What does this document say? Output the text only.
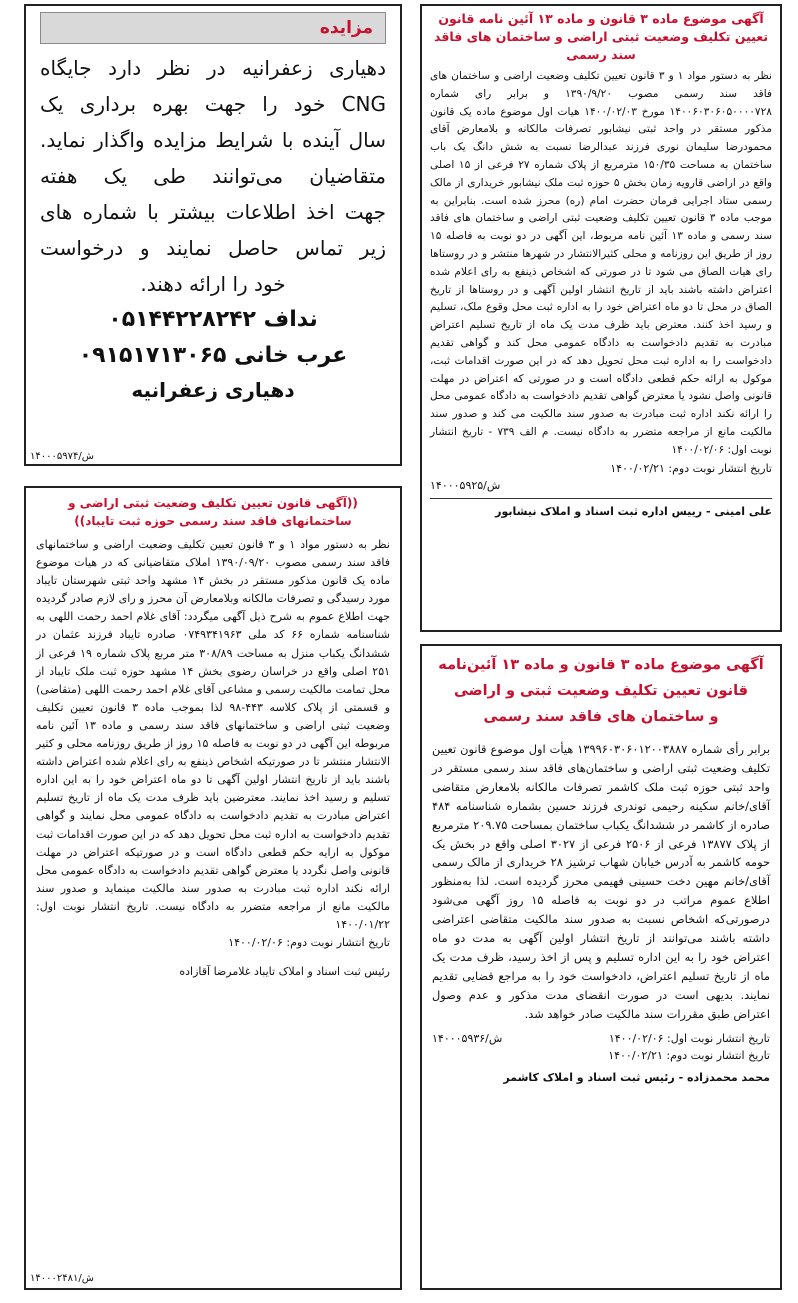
مزایده
دهیاری زعفرانیه در نظر دارد جایگاه
CNG خود را جهت بهره برداری یک
سال آینده با شرایط مزایده واگذار نماید.
متقاضیان می‌توانند طی یک هفته
جهت اخذ اطلاعات بیشتر با شماره های
زیر تماس حاصل نمایند و درخواست
خود را ارائه دهند.
نداف ۰۵۱۴۴۲۲۸۲۴۲
عرب خانی ۰۹۱۵۱۷۱۳۰۶۵
دهیاری زعفرانیه
۱۴۰۰۰۵۹۷۴/ش
آگهی موضوع ماده ۳ قانون و ماده ۱۳ آئین نامه قانون تعیین تکلیف وضعیت ثبتی اراضی و ساختمان های فاقد سند رسمی
نظر به دستور مواد ۱ و ۳ قانون تعیین تکلیف وضعیت اراضی و ساختمان های فاقد سند رسمی مصوب ۱۳۹۰/۹/۲۰ و برابر رای شماره ۱۴۰۰۶۰۳۰۶۰۵۰۰۰۰۷۲۸ مورخ ۱۴۰۰/۰۲/۰۳ هیات اول موضوع ماده یک قانون مذکور مستقر در واحد ثبتی نیشابور تصرفات مالکانه و بلامعارض آقای محمودرضا سلیمان نوری فرزند عبدالرضا نسبت به شش دانگ یک باب ساختمان به مساحت ۱۵۰/۳۵ مترمربع از پلاک شماره ۲۷ فرعی از ۱۵ اصلی واقع در اراضی قارویه زمان بخش ۵ حوزه ثبت ملک نیشابور خریداری از مالک رسمی ستاد اجرایی فرمان حضرت امام (ره) محرز شده است. بنابراین به موجب ماده ۳ قانون تعیین تکلیف وضعیت ثبتی اراضی و ساختمان های فاقد سند رسمی و ماده ۱۳ آئین نامه مربوط، این آگهی در دو نوبت به فاصله ۱۵ روز از طریق این روزنامه و محلی کثیرالانتشار در شهرها منتشر و در روستاها رای هیات الصاق می شود تا در صورتی که اشخاص ذینفع به رای اعلام شده اعتراض داشته باشند باید از تاریخ انتشار اولین آگهی و در روستاها از تاریخ الصاق در محل تا دو ماه اعتراض خود را به اداره ثبت محل وقوع ملک، تسلیم و رسید اخذ کنند. معترض باید ظرف مدت یک ماه از تاریخ تسلیم اعتراض مبادرت به تقدیم دادخواست به دادگاه عمومی محل کند و گواهی تقدیم دادخواست را به اداره ثبت محل تحویل دهد که در این صورت اقدامات ثبت، موکول به ارائه حکم قطعی دادگاه است و در صورتی که اعتراض در مهلت قانونی واصل نشود یا معترض گواهی تقدیم دادخواست به دادگاه عمومی محل را ارائه نکند اداره ثبت مبادرت به صدور سند مالکیت می کند و صدور سند مالکیت مانع از مراجعه متضرر به دادگاه نیست. م الف ۷۳۹ - تاریخ انتشار نوبت اول: ۱۴۰۰/۰۲/۰۶
تاریخ انتشار نوبت دوم: ۱۴۰۰/۰۲/۲۱
۱۴۰۰۰۵۹۲۵/ش
علی امینی - رییس اداره ثبت اسناد و املاک نیشابور
((آگهی قانون تعیین تکلیف وضعیت ثبتی اراضی و ساختمانهای فاقد سند رسمی حوزه ثبت تایباد))
نظر به دستور مواد ۱ و ۳ قانون تعیین تکلیف وضعیت اراضی و ساختمانهای فاقد سند رسمی مصوب ۱۳۹۰/۰۹/۲۰ املاک متقاضیانی که در هیات موضوع ماده یک قانون مذکور مستقر در بخش ۱۴ مشهد واحد ثبتی شهرستان تایباد مورد رسیدگی و تصرفات مالکانه وبلامعارض آن محرز و رای لازم صادر گردیده جهت اطلاع عموم به شرح ذیل آگهی میگردد: آقای غلام احمد رحمت اللهی به شناسنامه شماره ۶۶ کد ملی ۰۷۴۹۳۴۱۹۶۳ صادره تایباد فرزند عثمان در ششدانگ یکباب منزل به مساحت ۳۰۸/۸۹ متر مربع پلاک شماره ۱۹ فرعی از ۲۵۱ اصلی واقع در خراسان رضوی بخش ۱۴ مشهد حوزه ثبت ملک تایباد از محل تمامت مالکیت رسمی و مشاعی آقای غلام احمد رحمت اللهی (متقاضی) و قسمتی از پلاک کلاسه ۴۴۳-۹۸ لذا بموجب ماده ۳ قانون تعیین تکلیف وضعیت ثبتی اراضی و ساختمانهای فاقد سند رسمی و ماده ۱۳ آئین نامه مربوطه این آگهی در دو نوبت به فاصله ۱۵ روز از طریق روزنامه محلی و کثیر الانتشار منتشر تا در صورتیکه اشخاص ذینفع به رای اعلام شده اعتراض داشته باشند باید از تاریخ انتشار اولین آگهی تا دو ماه اعتراض خود را به این اداره تسلیم و رسید اخذ نمایند. معترضین باید ظرف مدت یک ماه از تاریخ تسلیم اعتراض مبادرت به تقدیم دادخواست به دادگاه عمومی محل نمایند و گواهی تقدیم دادخواست به اداره ثبت محل تحویل دهد که در این صورت اقدامات ثبت موکول به ارایه حکم قطعی دادگاه است و در صورتیکه اعتراض در مهلت قانونی واصل نگردد یا معترض گواهی تقدیم دادخواست به دادگاه عمومی محل ارائه نکند اداره ثبت مبادرت به صدور سند مالکیت مینماید و صدور سند مالکیت مانع از مراجعه متضرر به دادگاه نیست. تاریخ انتشار نوبت اول: ۱۴۰۰/۰۱/۲۲
تاریخ انتشار نوبت دوم: ۱۴۰۰/۰۲/۰۶
رئیس ثبت اسناد و املاک تایباد غلامرضا آقازاده
۱۴۰۰۰۲۴۸۱/ش
آگهی موضوع ماده ۳ قانون و ماده ۱۳ آئین‌نامه
قانون تعیین تکلیف وضعیت ثبتی و اراضی
و ساختمان های فاقد سند رسمی
برابر رأی شماره ۱۳۹۹۶۰۳۰۶۰۱۲۰۰۳۸۸۷ هیأت اول موضوع قانون تعیین تکلیف وضعیت ثبتی اراضی و ساختمان‌های فاقد سند رسمی مستقر در واحد ثبتی حوزه ثبت ملک کاشمر تصرفات مالکانه بلامعارض متقاضی آقای/خانم سکینه رحیمی توندری فرزند حسین بشماره شناسنامه ۴۸۴ صادره از کاشمر در ششدانگ یکباب ساختمان بمساحت ۲۰۹.۷۵ مترمربع از پلاک ۱۳۸۷۷ فرعی از ۲۵۰۶ فرعی از ۳۰۲۷ اصلی واقع در بخش یک حومه کاشمر به آدرس خیابان شهاب ترشیز ۲۸ خریداری از مالک رسمی آقای/خانم مهین دخت حسینی فهیمی محرز گردیده است. لذا به‌منظور اطلاع عموم مراتب در دو نوبت به فاصله ۱۵ روز آگهی می‌شود درصورتی‌که اشخاص نسبت به صدور سند مالکیت متقاضی اعتراضی داشته باشند می‌توانند از تاریخ انتشار اولین آگهی به مدت دو ماه اعتراض خود را به این اداره تسلیم و پس از اخذ رسید، ظرف مدت یک ماه از تاریخ تسلیم اعتراض، دادخواست خود را به مراجع قضایی تقدیم نمایند. بدیهی است در صورت انقضای مدت مذکور و عدم وصول اعتراض طبق مقررات سند مالکیت صادر خواهد شد.
تاریخ انتشار نوبت اول: ۱۴۰۰/۰۲/۰۶
تاریخ انتشار نوبت دوم: ۱۴۰۰/۰۲/۲۱
۱۴۰۰۰۵۹۳۶/ش
محمد محمدزاده - رئیس ثبت اسناد و املاک کاشمر
